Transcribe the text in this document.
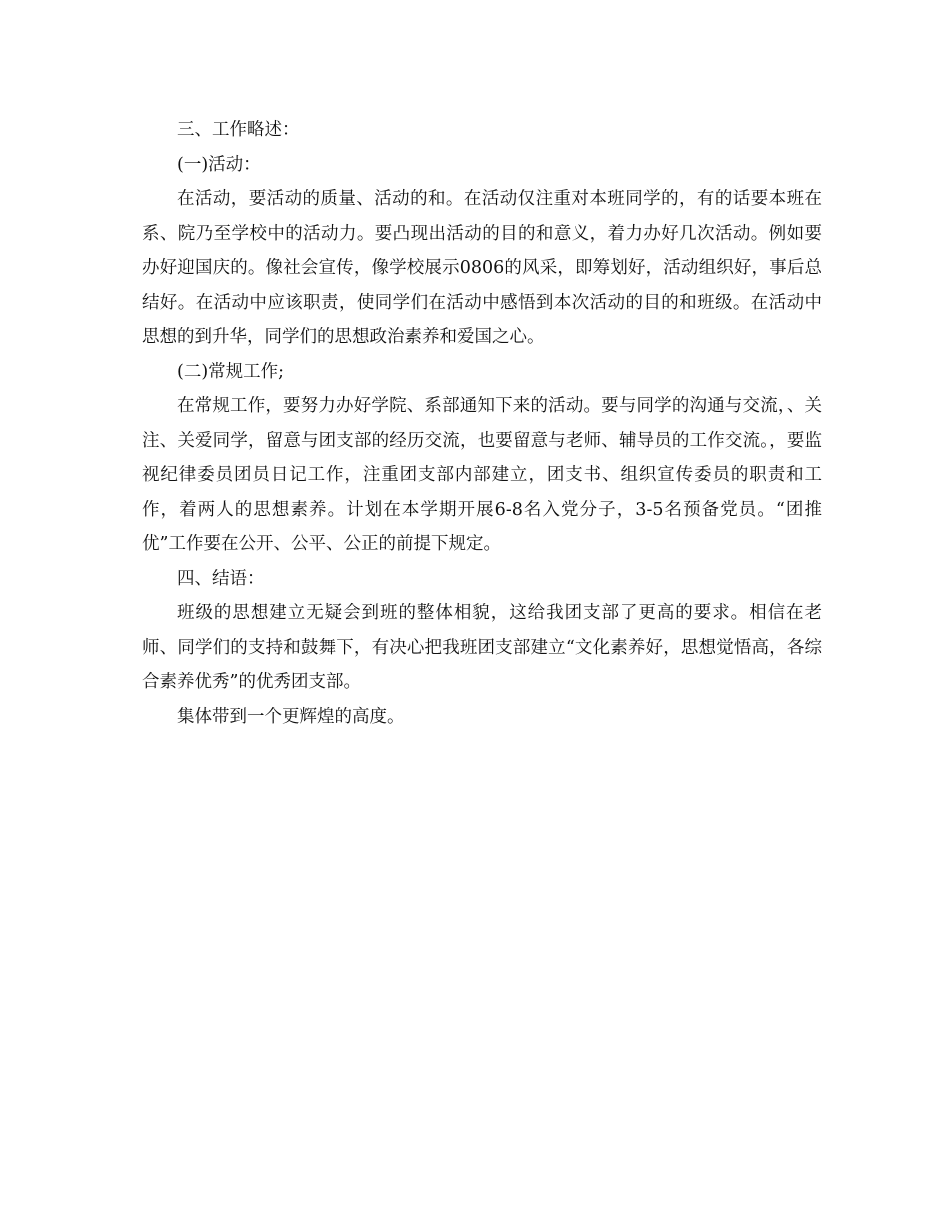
三、工作略述：

(一)活动：

在活动，要活动的质量、活动的和。在活动仅注重对本班同学的，有的话要本班在系、院乃至学校中的活动力。要凸现出活动的目的和意义，着力办好几次活动。例如要办好迎国庆的。像社会宣传，像学校展示0806的风采，即筹划好，活动组织好，事后总结好。在活动中应该职责，使同学们在活动中感悟到本次活动的目的和班级。在活动中思想的到升华，同学们的思想政治素养和爱国之心。

(二)常规工作;

在常规工作，要努力办好学院、系部通知下来的活动。要与同学的沟通与交流，、关注、关爱同学，留意与团支部的经历交流，也要留意与老师、辅导员的工作交流。，要监视纪律委员团员日记工作，注重团支部内部建立，团支书、组织宣传委员的职责和工作，着两人的思想素养。计划在本学期开展6-8名入党分子，3-5名预备党员。“团推优”工作要在公开、公平、公正的前提下规定。

四、结语：

班级的思想建立无疑会到班的整体相貌，这给我团支部了更高的要求。相信在老师、同学们的支持和鼓舞下，有决心把我班团支部建立“文化素养好，思想觉悟高，各综合素养优秀”的优秀团支部。

集体带到一个更辉煌的高度。
